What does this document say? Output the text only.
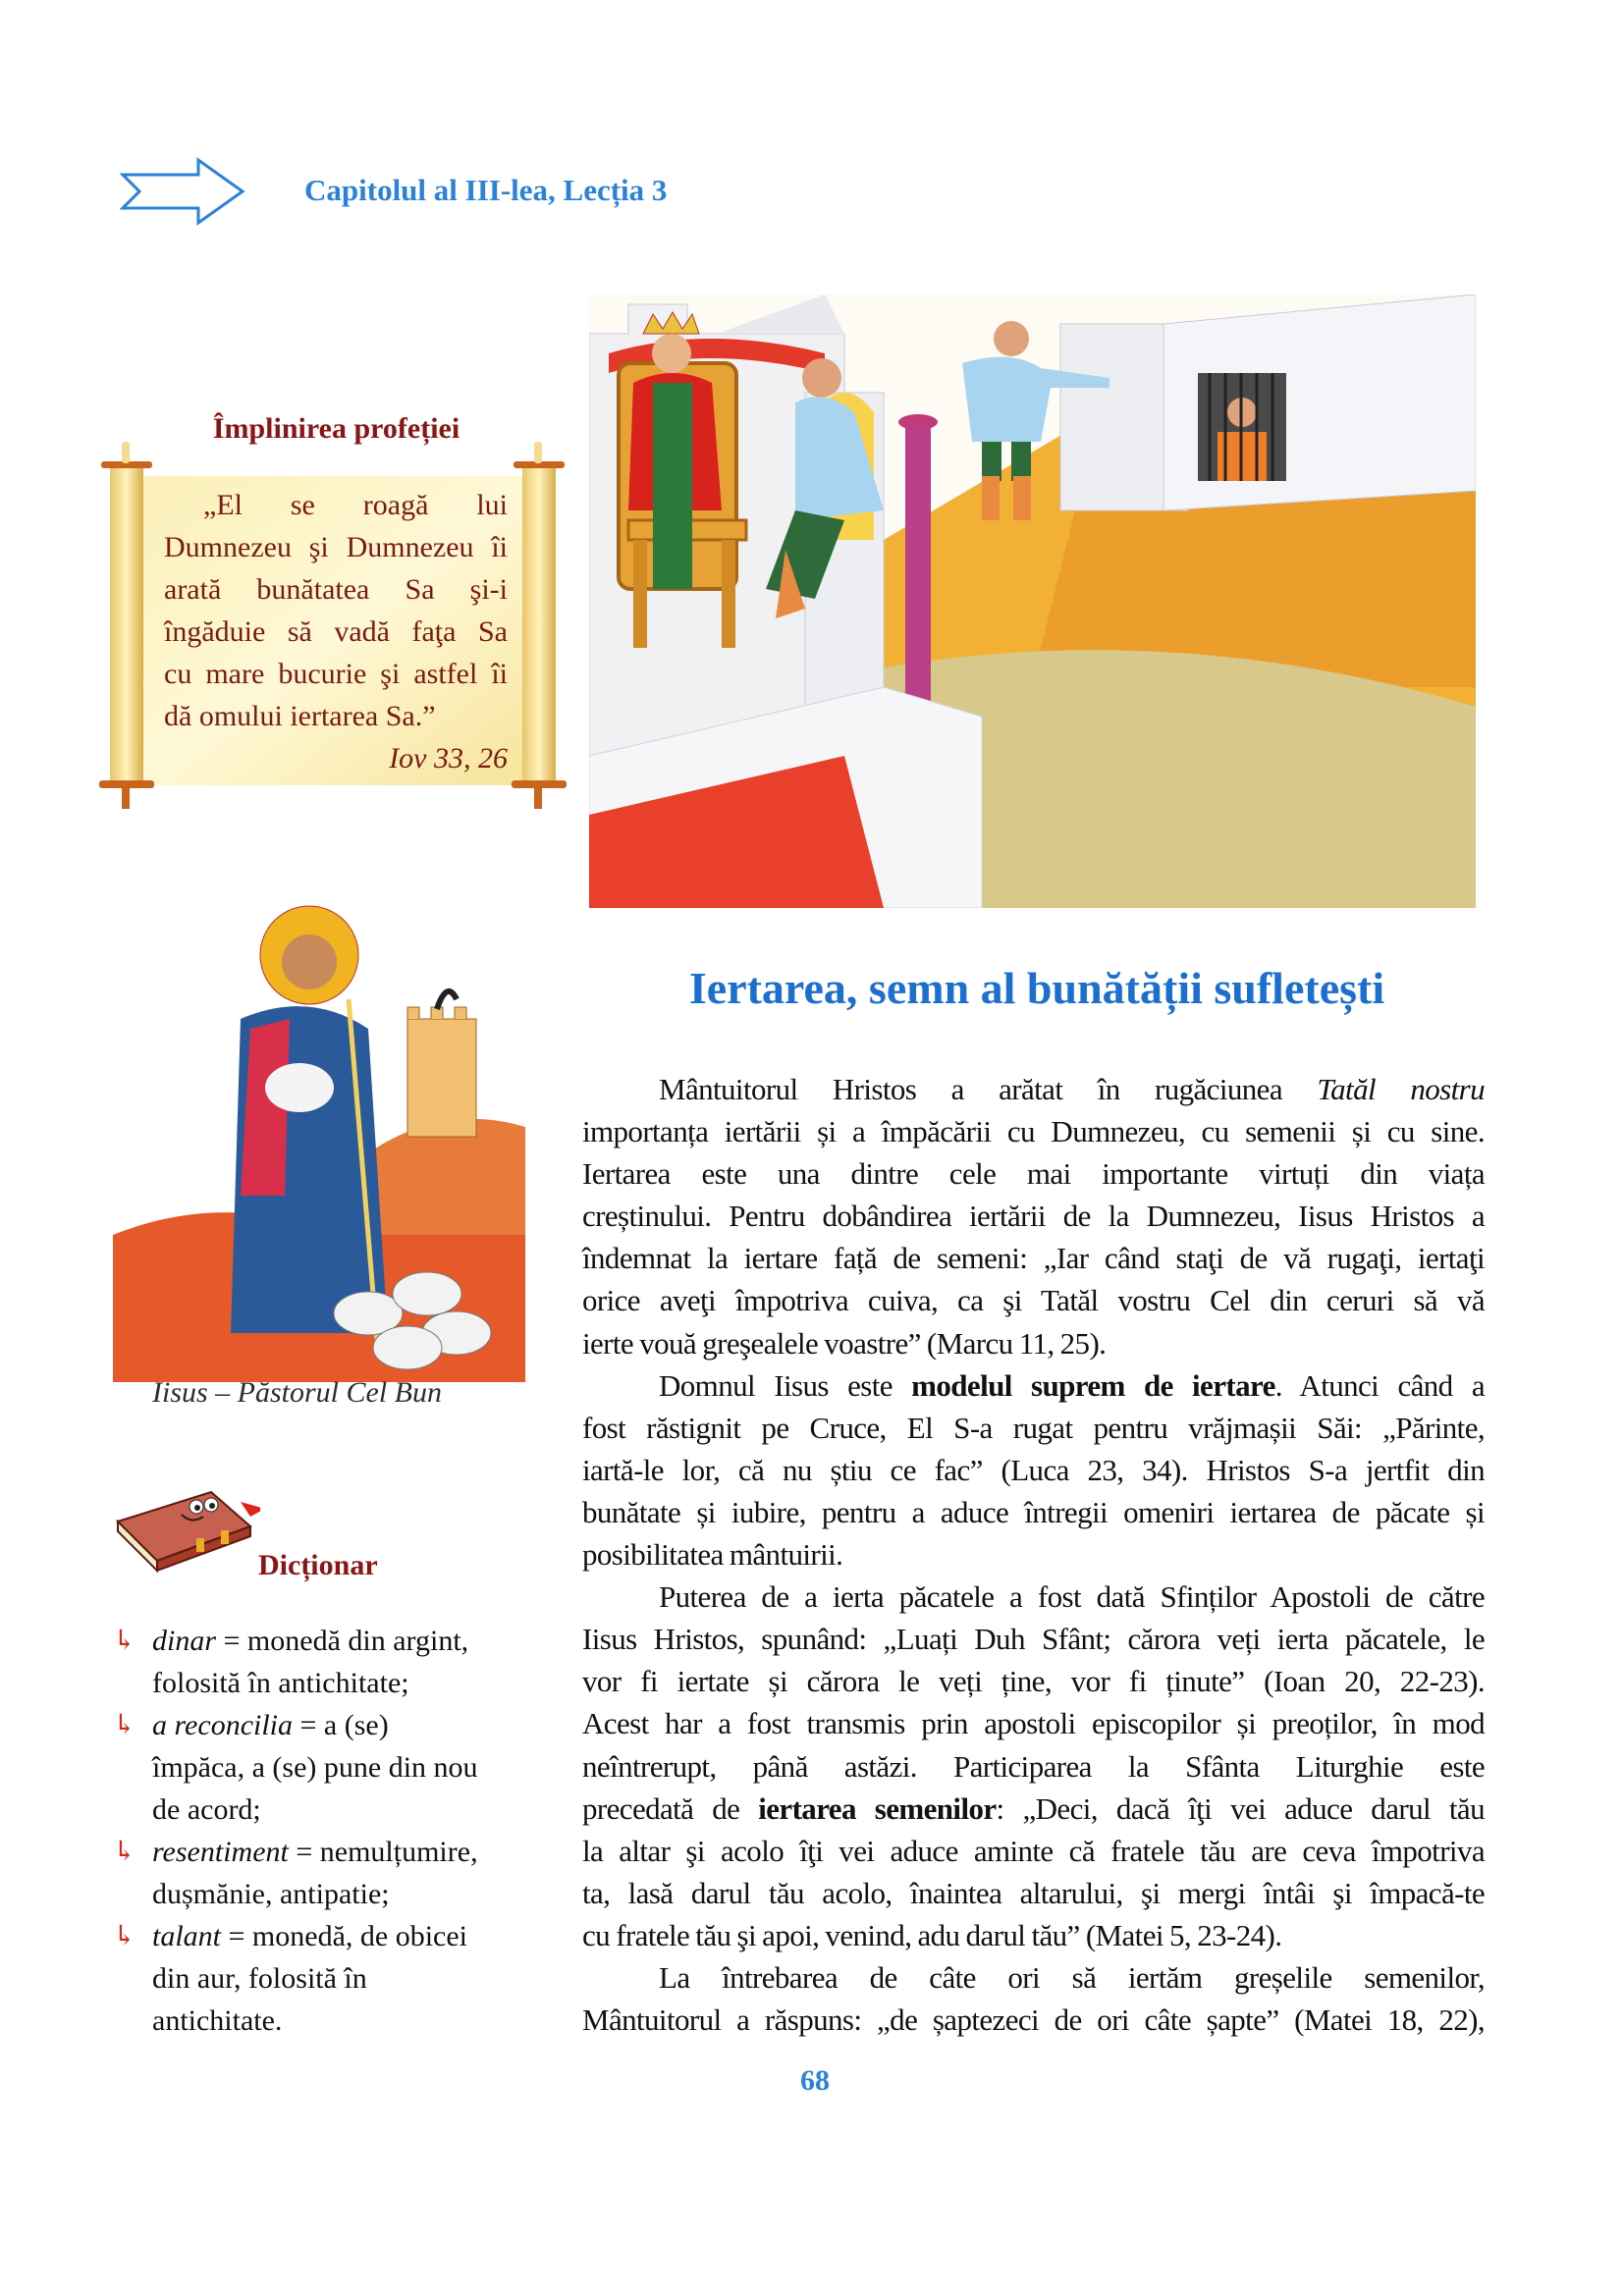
Capitolul al III-lea, Lecția 3
Împlinirea profeției
„El se roagă lui
Dumnezeu şi Dumnezeu îi
arată bunătatea Sa şi-i
îngăduie să vadă faţa Sa
cu mare bucurie şi astfel îi
dă omului iertarea Sa.”
Iov 33, 26
Iisus – Păstorul Cel Bun
Dicționar
↳ dinar = monedă din argint,
folosită în antichitate;
↳ a reconcilia = a (se)
împăca, a (se) pune din nou
de acord;
↳ resentiment = nemulțumire,
dușmănie, antipatie;
↳ talant = monedă, de obicei
din aur, folosită în
antichitate.
Iertarea, semn al bunătății sufletești
Mântuitorul Hristos a arătat în rugăciunea Tatăl nostru
importanța iertării și a împăcării cu Dumnezeu, cu semenii și cu sine.
Iertarea este una dintre cele mai importante virtuți din viața
creștinului. Pentru dobândirea iertării de la Dumnezeu, Iisus Hristos a
îndemnat la iertare față de semeni: „Iar când staţi de vă rugaţi, iertaţi
orice aveţi împotriva cuiva, ca şi Tatăl vostru Cel din ceruri să vă
ierte vouă greşealele voastre” (Marcu 11, 25).
Domnul Iisus este modelul suprem de iertare. Atunci când a
fost răstignit pe Cruce, El S-a rugat pentru vrăjmașii Săi: „Părinte,
iartă-le lor, că nu știu ce fac” (Luca 23, 34). Hristos S-a jertfit din
bunătate și iubire, pentru a aduce întregii omeniri iertarea de păcate și
posibilitatea mântuirii.
Puterea de a ierta păcatele a fost dată Sfinților Apostoli de către
Iisus Hristos, spunând: „Luați Duh Sfânt; cărora veți ierta păcatele, le
vor fi iertate și cărora le veți ține, vor fi ținute” (Ioan 20, 22-23).
Acest har a fost transmis prin apostoli episcopilor și preoților, în mod
neîntrerupt, până astăzi. Participarea la Sfânta Liturghie este
precedată de iertarea semenilor: „Deci, dacă îţi vei aduce darul tău
la altar şi acolo îţi vei aduce aminte că fratele tău are ceva împotriva
ta, lasă darul tău acolo, înaintea altarului, şi mergi întâi şi împacă-te
cu fratele tău şi apoi, venind, adu darul tău” (Matei 5, 23-24).
La întrebarea de câte ori să iertăm greșelile semenilor,
Mântuitorul a răspuns: „de șaptezeci de ori câte șapte” (Matei 18, 22),
68
